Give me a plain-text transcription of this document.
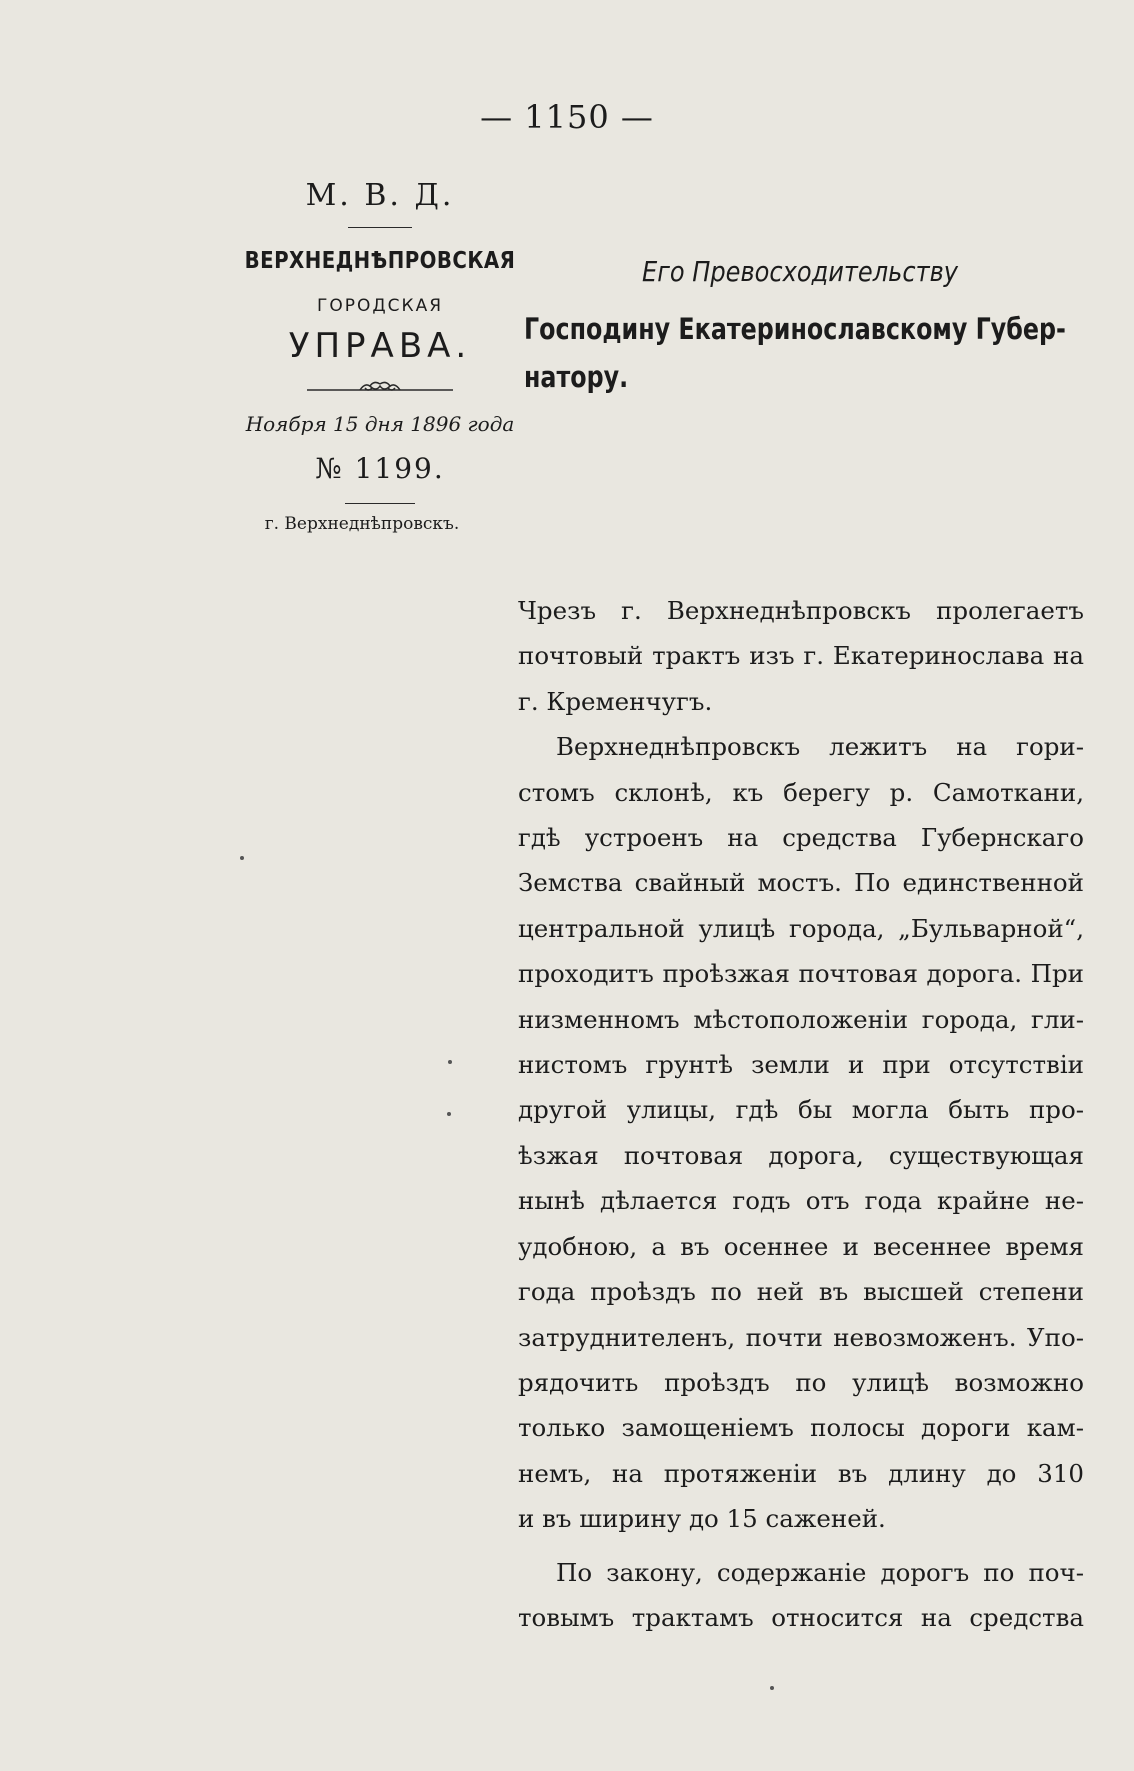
— 1150 —
М. В. Д.
ВЕРХНЕДНѢПРОВСКАЯ
ГОРОДСКАЯ
УПРАВА.
Ноября 15 дня 1896 года
№ 1199.
г. Верхнеднѣпровскъ.
Его Превосходительству
Господину Екатеринославскому Губер-
натору.

Чрезъ г. Верхнеднѣпровскъ пролегаетъ

почтовый трактъ изъ г. Екатеринослава на

г. Кременчугъ.

Верхнеднѣпровскъ лежитъ на гори-

стомъ склонѣ, къ берегу р. Самоткани,

гдѣ устроенъ на средства Губернскаго

Земства свайный мостъ. По единственной

центральной улицѣ города, „Бульварной“,

проходитъ проѣзжая почтовая дорога. При

низменномъ мѣстоположенiи города, гли-

нистомъ грунтѣ земли и при отсутствiи

другой улицы, гдѣ бы могла быть про-

ѣзжая почтовая дорога, существующая

нынѣ дѣлается годъ отъ года крайне не-

удобною, а въ осеннее и весеннее время

года проѣздъ по ней въ высшей степени

затруднителенъ, почти невозможенъ. Упо-

рядочить проѣздъ по улицѣ возможно

только замощенiемъ полосы дороги кам-

немъ, на протяженiи въ длину до 310

и въ ширину до 15 саженей.

По закону, содержанiе дорогъ по поч-

товымъ трактамъ относится на средства
